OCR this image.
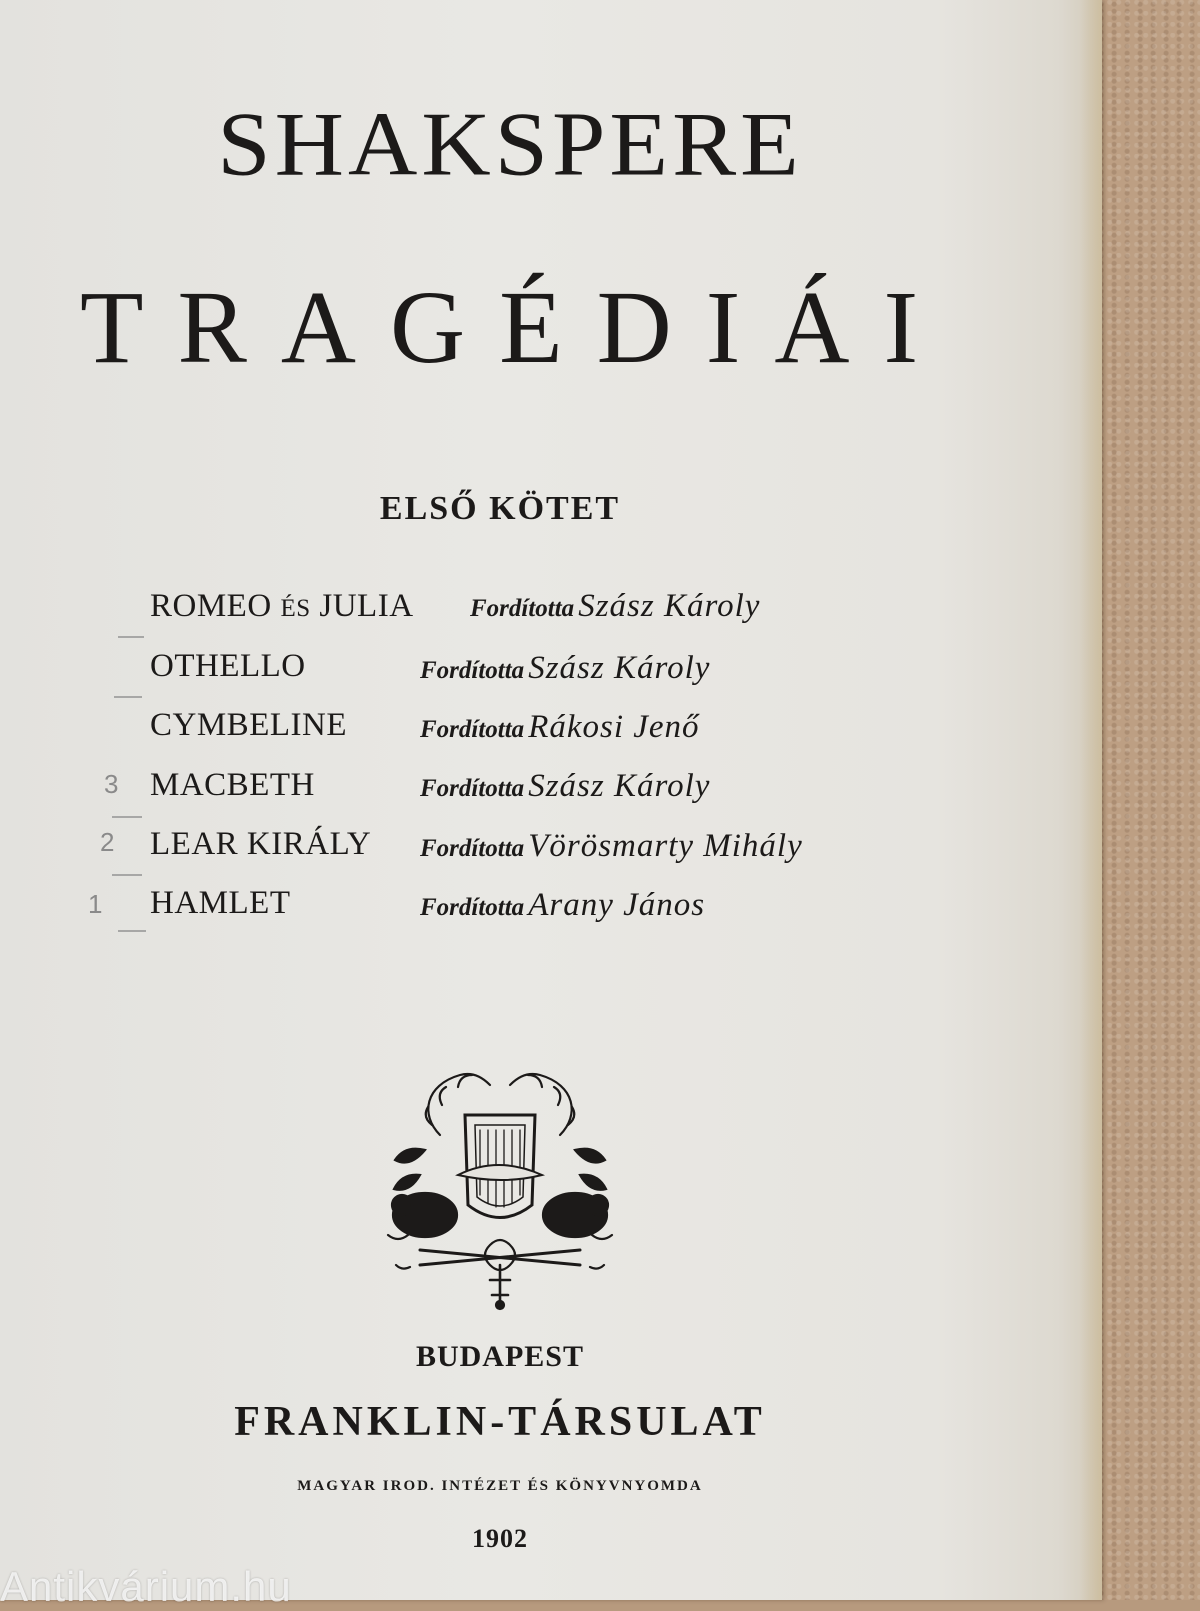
SHAKSPERE
TRAGÉDIÁI
ELSŐ KÖTET
ROMEO ÉS JULIA Fordította Szász Károly
OTHELLO	Fordította Szász Károly
CYMBELINE	Fordította Rákosi Jenő
3 MACBETH	Fordította Szász Károly
2 LEAR KIRÁLY Fordította Vörösmarty Mihály
1 HAMLET	Fordította Arany János
BUDAPEST
FRANKLIN-TÁRSULAT
MAGYAR IROD. INTÉZET ÉS KÖNYVNYOMDA
1902
Antikvárium.hu
